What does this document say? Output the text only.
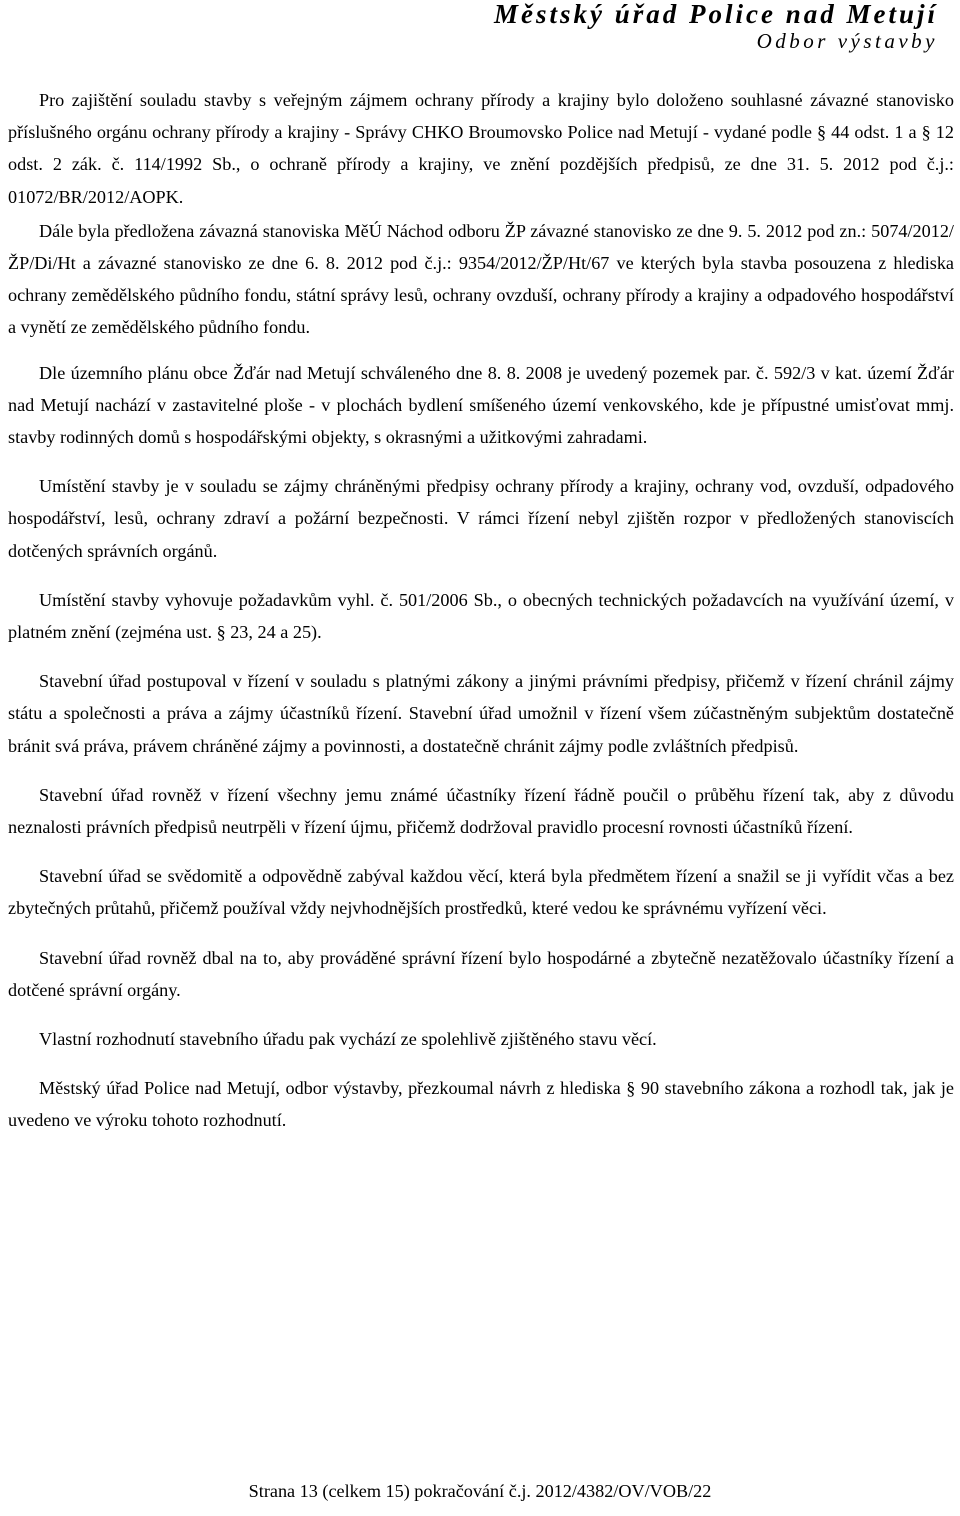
Městský úřad Police nad Metují
Odbor výstavby

Pro zajištění souladu stavby s veřejným zájmem ochrany přírody a krajiny bylo doloženo souhlasné závazné stanovisko příslušného orgánu ochrany přírody a krajiny - Správy CHKO Broumovsko Police nad Metují - vydané podle § 44 odst. 1 a § 12 odst. 2 zák. č. 114/1992 Sb., o ochraně přírody a krajiny, ve znění pozdějších předpisů, ze dne 31. 5. 2012 pod č.j.: 01072/BR/2012/AOPK.

Dále byla předložena závazná stanoviska MěÚ Náchod odboru ŽP závazné stanovisko ze dne 9. 5. 2012 pod zn.: 5074/2012/ŽP/Di/Ht a závazné stanovisko ze dne 6. 8. 2012 pod č.j.: 9354/2012/ŽP/Ht/67 ve kterých byla stavba posouzena z hlediska ochrany zemědělského půdního fondu, státní správy lesů, ochrany ovzduší, ochrany přírody a krajiny a odpadového hospodářství a vynětí ze zemědělského půdního fondu.

Dle územního plánu obce Žďár nad Metují schváleného dne 8. 8. 2008 je uvedený pozemek par. č. 592/3 v kat. území Žďár nad Metují nachází v zastavitelné ploše - v plochách bydlení smíšeného území venkovského, kde je přípustné umisťovat mmj. stavby rodinných domů s hospodářskými objekty, s okrasnými a užitkovými zahradami.

Umístění stavby je v souladu se zájmy chráněnými předpisy ochrany přírody a krajiny, ochrany vod, ovzduší, odpadového hospodářství, lesů, ochrany zdraví a požární bezpečnosti. V rámci řízení nebyl zjištěn rozpor v předložených stanoviscích dotčených správních orgánů.

Umístění stavby vyhovuje požadavkům vyhl. č. 501/2006 Sb., o obecných technických požadavcích na využívání území, v platném znění (zejména ust. § 23, 24 a 25).

Stavební úřad postupoval v řízení v souladu s platnými zákony a jinými právními předpisy, přičemž v řízení chránil zájmy státu a společnosti a práva a zájmy účastníků řízení. Stavební úřad umožnil v řízení všem zúčastněným subjektům dostatečně bránit svá práva, právem chráněné zájmy a povinnosti, a dostatečně chránit zájmy podle zvláštních předpisů.

Stavební úřad rovněž v řízení všechny jemu známé účastníky řízení řádně poučil o průběhu řízení tak, aby z důvodu neznalosti právních předpisů neutrpěli v řízení újmu, přičemž dodržoval pravidlo procesní rovnosti účastníků řízení.

Stavební úřad se svědomitě a odpovědně zabýval každou věcí, která byla předmětem řízení a snažil se ji vyřídit včas a bez zbytečných průtahů, přičemž používal vždy nejvhodnějších prostředků, které vedou ke správnému vyřízení věci.

Stavební úřad rovněž dbal na to, aby prováděné správní řízení bylo hospodárné a zbytečně nezatěžovalo účastníky řízení a dotčené správní orgány.

Vlastní rozhodnutí stavebního úřadu pak vychází ze spolehlivě zjištěného stavu věcí.

Městský úřad Police nad Metují, odbor výstavby, přezkoumal návrh z hlediska § 90 stavebního zákona a rozhodl tak, jak je uvedeno ve výroku tohoto rozhodnutí.

Strana 13 (celkem 15) pokračování č.j. 2012/4382/OV/VOB/22
